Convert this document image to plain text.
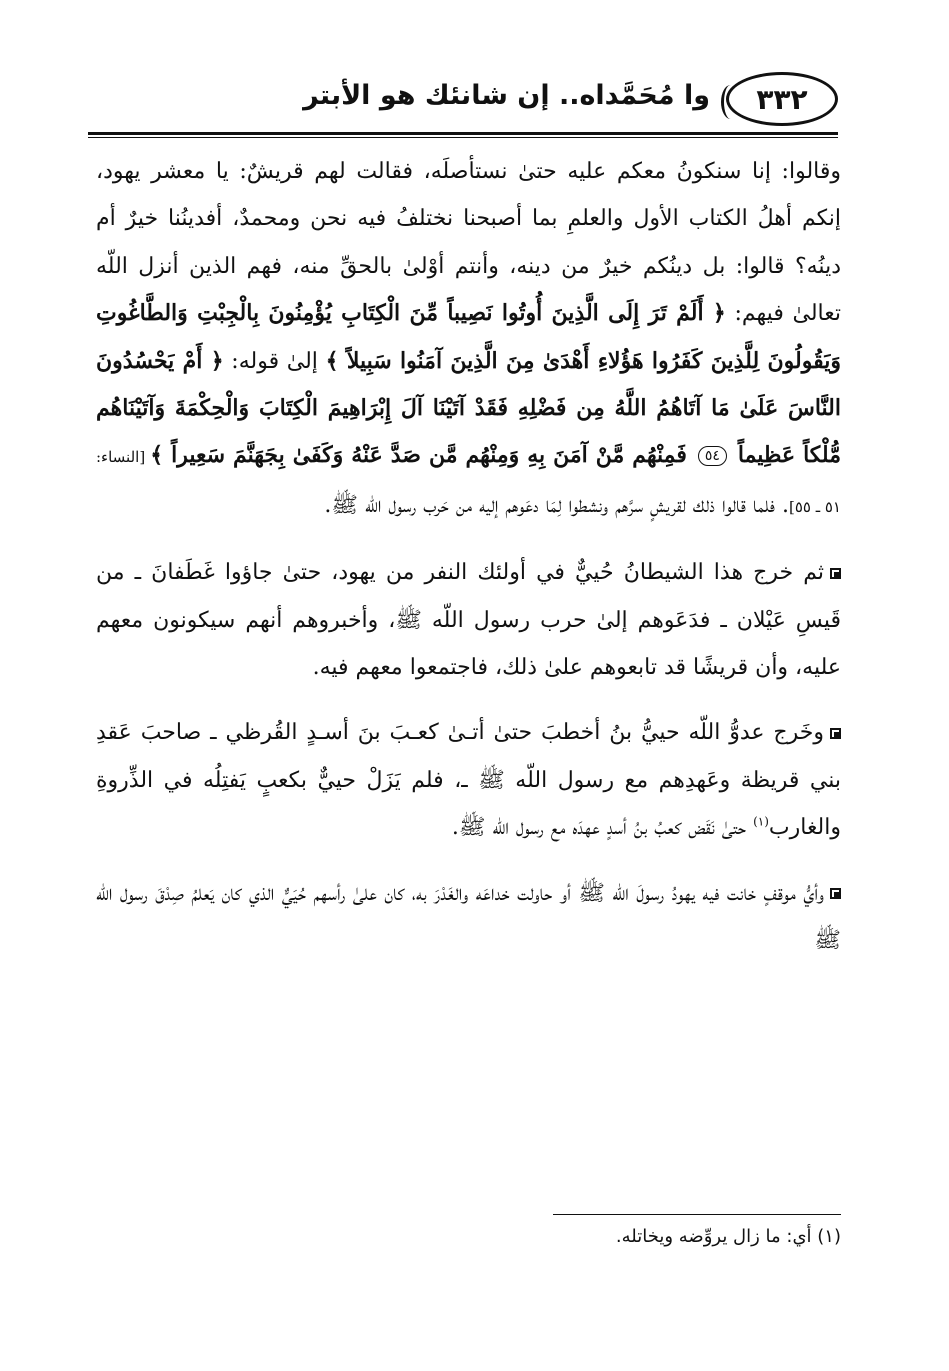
٣٣٢
وا مُحَمَّداه.. إن شانئك هو الأبتر

وقالوا: إنا سنكونُ معكم عليه حتىٰ نستأصلَه، فقالت لهم قريشٌ: يا معشر يهود، إنكم أهلُ الكتاب الأول والعلمِ بما أصبحنا نختلفُ فيه نحن ومحمدٌ، أفدينُنا خيرٌ أم دينُه؟ قالوا: بل دينُكم خيرٌ من دينه، وأنتم أوْلىٰ بالحقِّ منه، فهم الذين أنزل اللّه تعالىٰ فيهم: ﴿ أَلَمْ تَرَ إِلَى الَّذِينَ أُوتُوا نَصِيباً مِّنَ الْكِتَابِ يُؤْمِنُونَ بِالْجِبْتِ وَالطَّاغُوتِ وَيَقُولُونَ لِلَّذِينَ كَفَرُوا هَؤُلاءِ أَهْدَىٰ مِنَ الَّذِينَ آمَنُوا سَبِيلاً ﴾ إلىٰ قوله: ﴿ أَمْ يَحْسُدُونَ النَّاسَ عَلَىٰ مَا آتَاهُمُ اللَّهُ مِن فَضْلِهِ فَقَدْ آتَيْنَا آلَ إِبْرَاهِيمَ الْكِتَابَ وَالْحِكْمَةَ وَآتَيْنَاهُم مُّلْكاً عَظِيماً ٥٤ فَمِنْهُم مَّنْ آمَنَ بِهِ وَمِنْهُم مَّن صَدَّ عَنْهُ وَكَفَىٰ بِجَهَنَّمَ سَعِيراً ﴾ [النساء: ٥١ ـ ٥٥]. فلما قالوا ذلك لقريشٍ سرَّهم ونشطوا لِمَا دعَوهم إليه من حَرب رسول اللّه ﷺ.

ثم خرج هذا الشيطانُ حُييٌّ في أولئك النفر من يهود، حتىٰ جاؤوا غَطَفانَ ـ من قَيسِ عَيْلان ـ فدَعَوهم إلىٰ حرب رسول اللّه ﷺ، وأخبروهم أنهم سيكونون معهم عليه، وأن قريشًا قد تابعوهم علىٰ ذلك، فاجتمعوا معهم فيه.

وخَرج عدوُّ اللّه حييُّ بنُ أخطبَ حتىٰ أتـىٰ كعـبَ بنَ أسـدٍ القُرظي ـ صاحبَ عَقدِ بني قريظة وعَهدِهم مع رسول اللّه ﷺ ـ، فلم يَزَلْ حييٌّ بكعبٍ يَفتِلُه في الذِّروةِ والغارب$^{(١)}$ حتىٰ نَقَض كعبُ بنُ أسدٍ عهدَه مع رسول اللّه ﷺ.

وأيُّ موقفٍ خانت فيه يهودُ رسولَ اللّه ﷺ أو حاولت خداعَه والغَدْرَ به، كان علىٰ رأسهم حُيَيٌّ الذي كان يَعلمُ صِدْقَ رسول اللّه ﷺ

(١) أي: ما زال يروِّضه ويخاتله.
